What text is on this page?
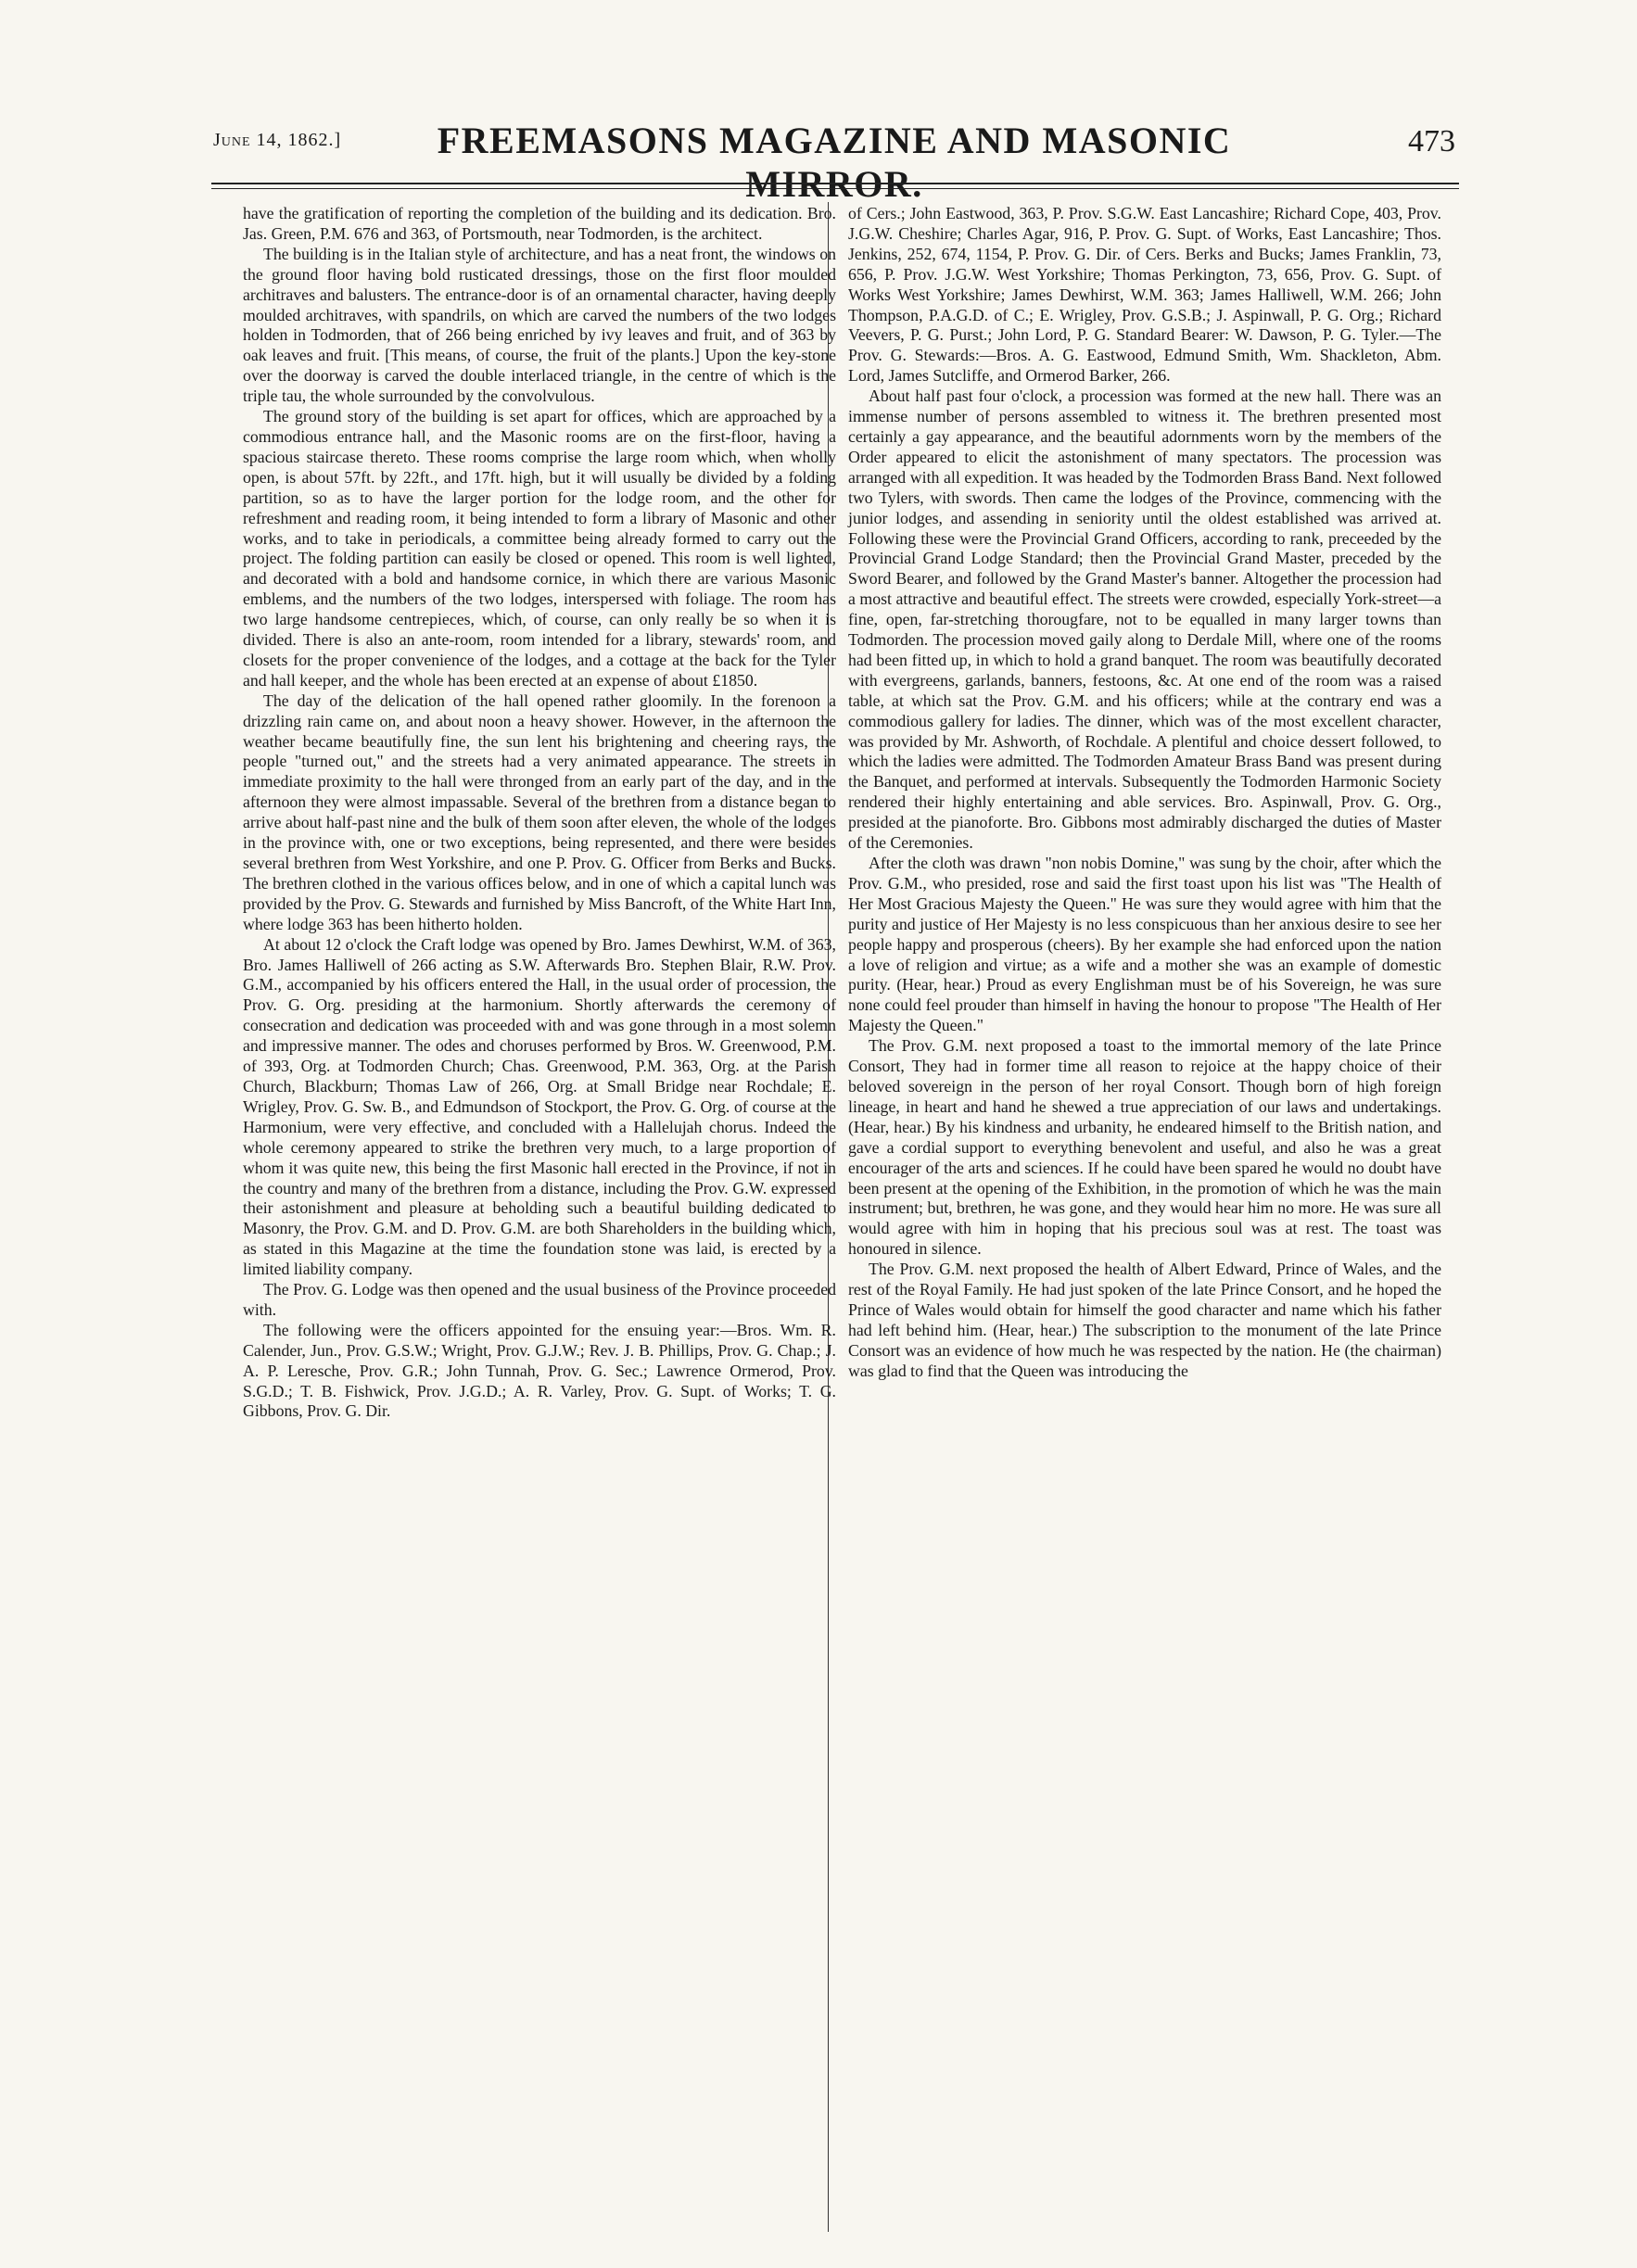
June 14, 1862.]	FREEMASONS MAGAZINE AND MASONIC MIRROR.
473

have the gratification of reporting the completion of the building and its dedication. Bro. Jas. Green, P.M. 676 and 363, of Portsmouth, near Todmorden, is the architect.

The building is in the Italian style of architecture, and has a neat front, the windows on the ground floor having bold rusticated dressings, those on the first floor moulded architraves and balusters. The entrance-door is of an ornamental character, having deeply moulded architraves, with spandrils, on which are carved the numbers of the two lodges holden in Todmorden, that of 266 being enriched by ivy leaves and fruit, and of 363 by oak leaves and fruit. [This means, of course, the fruit of the plants.] Upon the key-stone over the doorway is carved the double interlaced triangle, in the centre of which is the triple tau, the whole surrounded by the convolvulous.

The ground story of the building is set apart for offices, which are approached by a commodious entrance hall, and the Masonic rooms are on the first-floor, having a spacious staircase thereto. These rooms comprise the large room which, when wholly open, is about 57ft. by 22ft., and 17ft. high, but it will usually be divided by a folding partition, so as to have the larger portion for the lodge room, and the other for refreshment and reading room, it being intended to form a library of Masonic and other works, and to take in periodicals, a committee being already formed to carry out the project. The folding partition can easily be closed or opened. This room is well lighted, and decorated with a bold and handsome cornice, in which there are various Masonic emblems, and the numbers of the two lodges, interspersed with foliage. The room has two large handsome centrepieces, which, of course, can only really be so when it is divided. There is also an ante-room, room intended for a library, stewards' room, and closets for the proper convenience of the lodges, and a cottage at the back for the Tyler and hall keeper, and the whole has been erected at an expense of about £1850.

The day of the delication of the hall opened rather gloomily. In the forenoon a drizzling rain came on, and about noon a heavy shower. However, in the afternoon the weather became beautifully fine, the sun lent his brightening and cheering rays, the people "turned out," and the streets had a very animated appearance. The streets in immediate proximity to the hall were thronged from an early part of the day, and in the afternoon they were almost impassable. Several of the brethren from a distance began to arrive about half-past nine and the bulk of them soon after eleven, the whole of the lodges in the province with, one or two exceptions, being represented, and there were besides several brethren from West Yorkshire, and one P. Prov. G. Officer from Berks and Bucks. The brethren clothed in the various offices below, and in one of which a capital lunch was provided by the Prov. G. Stewards and furnished by Miss Bancroft, of the White Hart Inn, where lodge 363 has been hitherto holden.

At about 12 o'clock the Craft lodge was opened by Bro. James Dewhirst, W.M. of 363, Bro. James Halliwell of 266 acting as S.W. Afterwards Bro. Stephen Blair, R.W. Prov. G.M., accompanied by his officers entered the Hall, in the usual order of procession, the Prov. G. Org. presiding at the harmonium. Shortly afterwards the ceremony of consecration and dedication was proceeded with and was gone through in a most solemn and impressive manner. The odes and choruses performed by Bros. W. Greenwood, P.M. of 393, Org. at Todmorden Church; Chas. Greenwood, P.M. 363, Org. at the Parish Church, Blackburn; Thomas Law of 266, Org. at Small Bridge near Rochdale; E. Wrigley, Prov. G. Sw. B., and Edmundson of Stockport, the Prov. G. Org. of course at the Harmonium, were very effective, and concluded with a Hallelujah chorus. Indeed the whole ceremony appeared to strike the brethren very much, to a large proportion of whom it was quite new, this being the first Masonic hall erected in the Province, if not in the country and many of the brethren from a distance, including the Prov. G.W. expressed their astonishment and pleasure at beholding such a beautiful building dedicated to Masonry, the Prov. G.M. and D. Prov. G.M. are both Shareholders in the building which, as stated in this Magazine at the time the foundation stone was laid, is erected by a limited liability company.

The Prov. G. Lodge was then opened and the usual business of the Province proceeded with.

The following were the officers appointed for the ensuing year:—Bros. Wm. R. Calender, Jun., Prov. G.S.W.; Wright, Prov. G.J.W.; Rev. J. B. Phillips, Prov. G. Chap.; J. A. P. Leresche, Prov. G.R.; John Tunnah, Prov. G. Sec.; Lawrence Ormerod, Prov. S.G.D.; T. B. Fishwick, Prov. J.G.D.; A. R. Varley, Prov. G. Supt. of Works; T. G. Gibbons, Prov. G. Dir.

of Cers.; John Eastwood, 363, P. Prov. S.G.W. East Lancashire; Richard Cope, 403, Prov. J.G.W. Cheshire; Charles Agar, 916, P. Prov. G. Supt. of Works, East Lancashire; Thos. Jenkins, 252, 674, 1154, P. Prov. G. Dir. of Cers. Berks and Bucks; James Franklin, 73, 656, P. Prov. J.G.W. West Yorkshire; Thomas Perkington, 73, 656, Prov. G. Supt. of Works West Yorkshire; James Dewhirst, W.M. 363; James Halliwell, W.M. 266; John Thompson, P.A.G.D. of C.; E. Wrigley, Prov. G.S.B.; J. Aspinwall, P. G. Org.; Richard Veevers, P. G. Purst.; John Lord, P. G. Standard Bearer: W. Dawson, P. G. Tyler.—The Prov. G. Stewards:—Bros. A. G. Eastwood, Edmund Smith, Wm. Shackleton, Abm. Lord, James Sutcliffe, and Ormerod Barker, 266.

About half past four o'clock, a procession was formed at the new hall. There was an immense number of persons assembled to witness it. The brethren presented most certainly a gay appearance, and the beautiful adornments worn by the members of the Order appeared to elicit the astonishment of many spectators. The procession was arranged with all expedition. It was headed by the Todmorden Brass Band. Next followed two Tylers, with swords. Then came the lodges of the Province, commencing with the junior lodges, and assending in seniority until the oldest established was arrived at. Following these were the Provincial Grand Officers, according to rank, preceeded by the Provincial Grand Lodge Standard; then the Provincial Grand Master, preceded by the Sword Bearer, and followed by the Grand Master's banner. Altogether the procession had a most attractive and beautiful effect. The streets were crowded, especially York-street—a fine, open, far-stretching thorougfare, not to be equalled in many larger towns than Todmorden. The procession moved gaily along to Derdale Mill, where one of the rooms had been fitted up, in which to hold a grand banquet. The room was beautifully decorated with evergreens, garlands, banners, festoons, &c. At one end of the room was a raised table, at which sat the Prov. G.M. and his officers; while at the contrary end was a commodious gallery for ladies. The dinner, which was of the most excellent character, was provided by Mr. Ashworth, of Rochdale. A plentiful and choice dessert followed, to which the ladies were admitted. The Todmorden Amateur Brass Band was present during the Banquet, and performed at intervals. Subsequently the Todmorden Harmonic Society rendered their highly entertaining and able services. Bro. Aspinwall, Prov. G. Org., presided at the pianoforte. Bro. Gibbons most admirably discharged the duties of Master of the Ceremonies.

After the cloth was drawn "non nobis Domine," was sung by the choir, after which the Prov. G.M., who presided, rose and said the first toast upon his list was "The Health of Her Most Gracious Majesty the Queen." He was sure they would agree with him that the purity and justice of Her Majesty is no less conspicuous than her anxious desire to see her people happy and prosperous (cheers). By her example she had enforced upon the nation a love of religion and virtue; as a wife and a mother she was an example of domestic purity. (Hear, hear.) Proud as every Englishman must be of his Sovereign, he was sure none could feel prouder than himself in having the honour to propose "The Health of Her Majesty the Queen."

The Prov. G.M. next proposed a toast to the immortal memory of the late Prince Consort, They had in former time all reason to rejoice at the happy choice of their beloved sovereign in the person of her royal Consort. Though born of high foreign lineage, in heart and hand he shewed a true appreciation of our laws and undertakings. (Hear, hear.) By his kindness and urbanity, he endeared himself to the British nation, and gave a cordial support to everything benevolent and useful, and also he was a great encourager of the arts and sciences. If he could have been spared he would no doubt have been present at the opening of the Exhibition, in the promotion of which he was the main instrument; but, brethren, he was gone, and they would hear him no more. He was sure all would agree with him in hoping that his precious soul was at rest. The toast was honoured in silence.

The Prov. G.M. next proposed the health of Albert Edward, Prince of Wales, and the rest of the Royal Family. He had just spoken of the late Prince Consort, and he hoped the Prince of Wales would obtain for himself the good character and name which his father had left behind him. (Hear, hear.) The subscription to the monument of the late Prince Consort was an evidence of how much he was respected by the nation. He (the chairman) was glad to find that the Queen was introducing the
